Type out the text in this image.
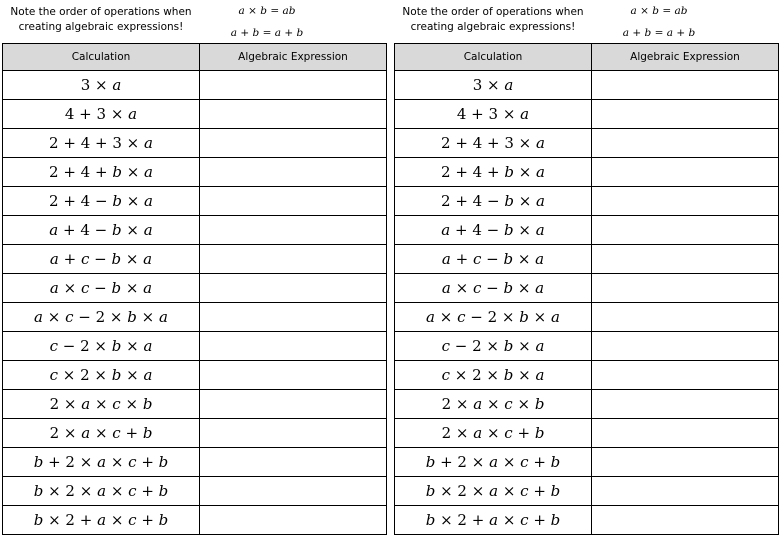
Note the order of operations when
creating algebraic expressions!
a × b = ab
a + b = a + b
Calculation	Algebraic Expression
3 × a	
4 + 3 × a	
2 + 4 + 3 × a	
2 + 4 + b × a	
2 + 4 − b × a	
a + 4 − b × a	
a + c − b × a	
a × c − b × a	
a × c − 2 × b × a	
c − 2 × b × a	
c × 2 × b × a	
2 × a × c × b	
2 × a × c + b	
b + 2 × a × c + b	
b × 2 × a × c + b	
b × 2 + a × c + b	
Note the order of operations when
creating algebraic expressions!
a × b = ab
a + b = a + b
Calculation	Algebraic Expression
3 × a	
4 + 3 × a	
2 + 4 + 3 × a	
2 + 4 + b × a	
2 + 4 − b × a	
a + 4 − b × a	
a + c − b × a	
a × c − b × a	
a × c − 2 × b × a	
c − 2 × b × a	
c × 2 × b × a	
2 × a × c × b	
2 × a × c + b	
b + 2 × a × c + b	
b × 2 × a × c + b	
b × 2 + a × c + b	
